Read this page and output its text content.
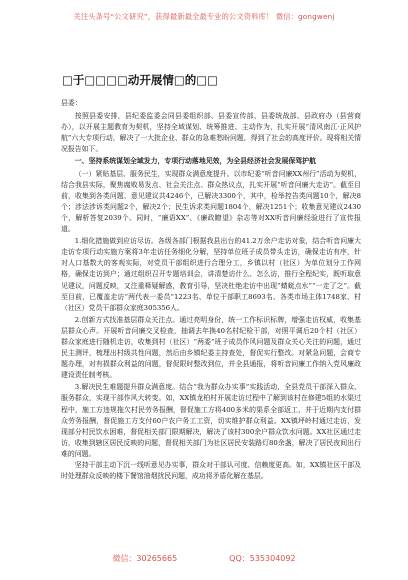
关注头条号“公文研究”，获得最新最全最专业的公文资料库！ 微信：gongwenj
□于□□□□动开展情□的□□

县委：

按照县委安排，县纪委监委会同县委组织部、县委宣传部、县委统战部、县政府办（县营商办），以开展主题教育为契机，坚持全域谋划、统筹推进、主动作为，扎实开展“清风南江·正风护航”六大专项行动，解决了一大批企业、群众的急难愁盼问题，得到了社会的高度评价。现将相关情况报告如下。

一、坚持系统谋划全域发力，专项行动落地见效，为全县经济社会发展保驾护航

（一）紧贴基层、服务民生，实现群众满意度提升。以市纪委“听音问廉XX州行”活动为契机，结合我县实际，聚焦腐败易发点、社会关注点、群众热议点，扎实开展“听音问廉大走访”。截至目前，收集到各类问题、意见建议共4246个，已解决3300个，其中，检举控告类问题10个，解决8个；涉法涉诉类问题2个，解决2个；民生诉求类问题1804个，解决1251个；收集意见建议2430个，解析答复2039个。同时，“廉语XX”、《廉政瞭望》杂志等对XX听音问廉经验进行了宣传报道。

1.细化措施做到应访尽访。各级各部门根据我县出台的41.2万余户走访对象，结合听音问廉大走访专项行动实施方案将3年走访任务细化分解，坚持单位班子成员带头走访，确保走访有序，针对人口基数大的客观实际，对党员干部组织进行合理分工，乡镇以村（社区）为单位划分工作网格，确保走访到户；通过组织召开专题培训会，讲清楚访什么、怎么访，推行全程纪实，既听取意见建议，问题反映，又注重释疑解惑，教育引导，坚决杜绝走访中出现“蜻蜓点水”“一走了之”。截至目前，已覆盖走访“两代表一委员”1223名、单位干部职工8693名、各类市场主体1748家、村（社区）党员干部群众家庭305356人。

2.创新方式找准基层群众关注点。通过亮明身份，统一工作标识标牌，增强走访权威，收集基层群众心声。开展听音问廉交叉检查，抽调去年换40名村纪检干部，对照平调后20个村（社区）群众家庭进行随机走访，收集到村（社区）“两委”班子成员作风问题及群众关心关注的问题，通过民主测评，梳理出村级共性问题，然后由乡镇纪委主持查处，督促实行整改。对紧急问题，会商专题办理，对有损群众利益的问题，督促限时整改到位，并全县通报，将听音问廉工作纳入党风廉政建设责任制考核。

3.解决民生难题提升群众满意度。结合“我为群众办实事”实践活动，全县党员干部深入群众、服务群众，实现干部作风大转变。如，XX镇龙柏村开展走访过程中了解到该村在修建5组的水渠过程中，施工方违规拖欠村民劳务报酬，督促施工方将400多米的渠系全部返工，并于近期内支付群众劳务报酬，督促施工方支付60户农户务工工资，切实维护群众利益。XX镇坪岭村通过走访，发现部分村民饮水困难，督促相关部门限期解决，解决了该村300余户群众饮水问题。XX社区通过走访，收集到辖区居民反映的问题，督促相关部门为社区居民安装路灯80余盏，解决了居民夜间出行难的问题。

坚持干部主动下沉一线听意见办实事，群众对干部认可度、信赖度更高。如，XX镇社区干部及时处理群众反映的楼下餐馆油烟扰民问题，成功将矛盾化解在基层。

微信：30265665	QQ：535304092
